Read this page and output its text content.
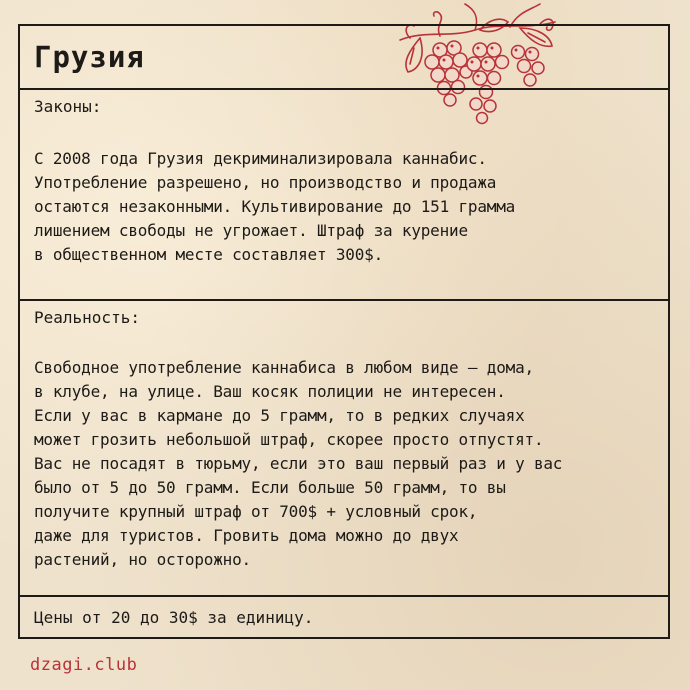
Грузия

Законы:

С 2008 года Грузия декриминализировала каннабис.
Употребление разрешено, но производство и продажа
остаются незаконными. Культивирование до 151 грамма
лишением свободы не угрожает. Штраф за курение
в общественном месте составляет 300$.

Реальность:

Свободное употребление каннабиса в любом виде — дома,
в клубе, на улице. Ваш косяк полиции не интересен.
Если у вас в кармане до 5 грамм, то в редких случаях
может грозить небольшой штраф, скорее просто отпустят.
Вас не посадят в тюрьму, если это ваш первый раз и у вас
было от 5 до 50 грамм. Если больше 50 грамм, то вы
получите крупный штраф от 700$ + условный срок,
даже для туристов. Гровить дома можно до двух
растений, но осторожно.

Цены от 20 до 30$ за единицу.
dzagi.club
